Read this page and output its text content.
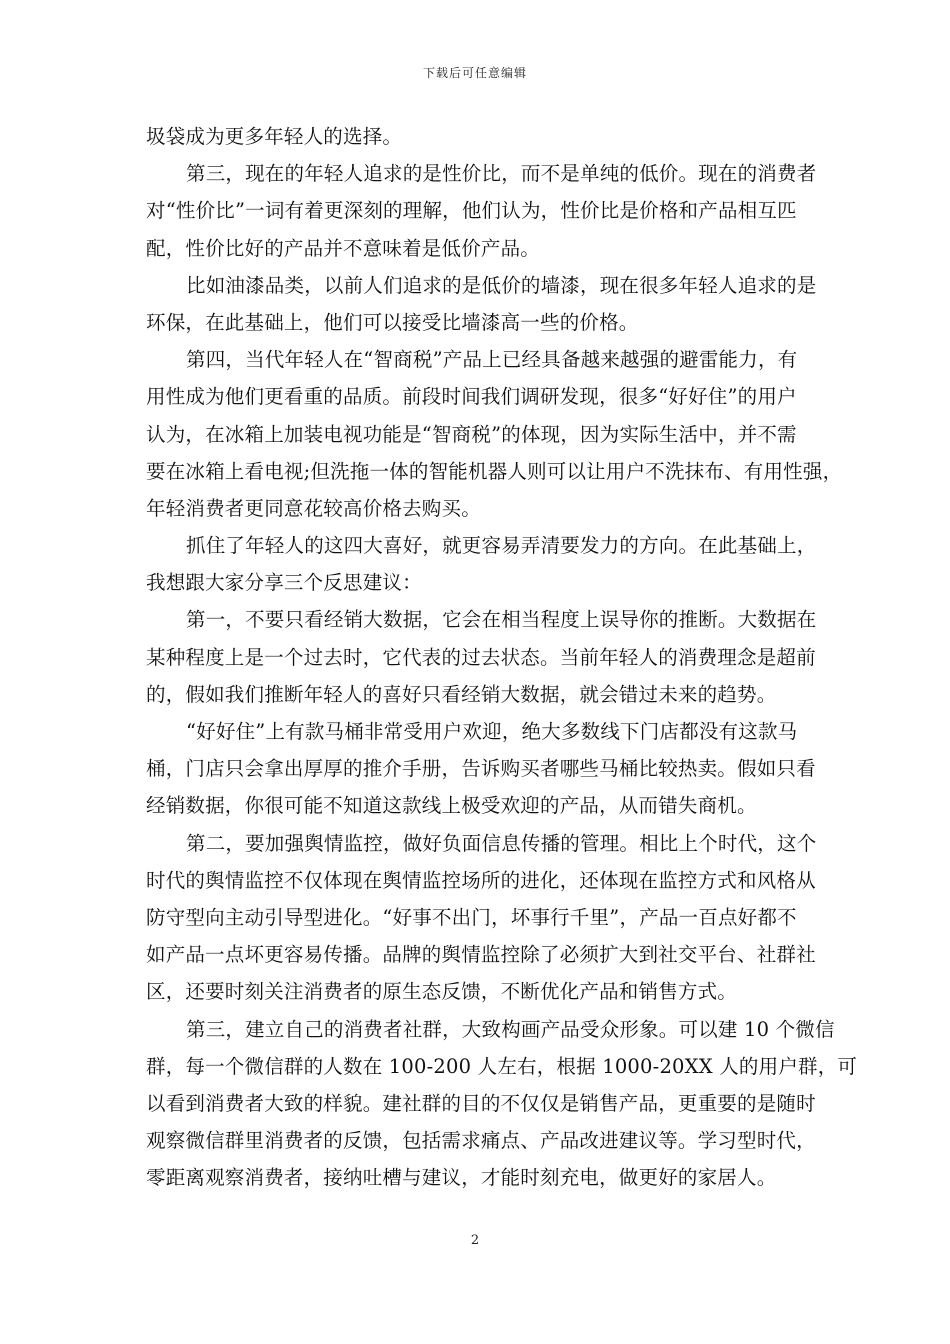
下载后可任意编辑
圾袋成为更多年轻人的选择。
第三，现在的年轻人追求的是性价比，而不是单纯的低价。现在的消费者
对“性价比”一词有着更深刻的理解，他们认为，性价比是价格和产品相互匹
配，性价比好的产品并不意味着是低价产品。
比如油漆品类，以前人们追求的是低价的墙漆，现在很多年轻人追求的是
环保，在此基础上，他们可以接受比墙漆高一些的价格。
第四，当代年轻人在“智商税”产品上已经具备越来越强的避雷能力，有
用性成为他们更看重的品质。前段时间我们调研发现，很多“好好住”的用户
认为，在冰箱上加装电视功能是“智商税”的体现，因为实际生活中，并不需
要在冰箱上看电视;但洗拖一体的智能机器人则可以让用户不洗抹布、有用性强，
年轻消费者更同意花较高价格去购买。
抓住了年轻人的这四大喜好，就更容易弄清要发力的方向。在此基础上，
我想跟大家分享三个反思建议：
第一，不要只看经销大数据，它会在相当程度上误导你的推断。大数据在
某种程度上是一个过去时，它代表的过去状态。当前年轻人的消费理念是超前
的，假如我们推断年轻人的喜好只看经销大数据，就会错过未来的趋势。
“好好住”上有款马桶非常受用户欢迎，绝大多数线下门店都没有这款马
桶，门店只会拿出厚厚的推介手册，告诉购买者哪些马桶比较热卖。假如只看
经销数据，你很可能不知道这款线上极受欢迎的产品，从而错失商机。
第二，要加强舆情监控，做好负面信息传播的管理。相比上个时代，这个
时代的舆情监控不仅体现在舆情监控场所的进化，还体现在监控方式和风格从
防守型向主动引导型进化。“好事不出门，坏事行千里”，产品一百点好都不
如产品一点坏更容易传播。品牌的舆情监控除了必须扩大到社交平台、社群社
区，还要时刻关注消费者的原生态反馈，不断优化产品和销售方式。
第三，建立自己的消费者社群，大致构画产品受众形象。可以建 10 个微信
群，每一个微信群的人数在 100-200 人左右，根据 1000-20XX 人的用户群，可
以看到消费者大致的样貌。建社群的目的不仅仅是销售产品，更重要的是随时
观察微信群里消费者的反馈，包括需求痛点、产品改进建议等。学习型时代，
零距离观察消费者，接纳吐槽与建议，才能时刻充电，做更好的家居人。
2
